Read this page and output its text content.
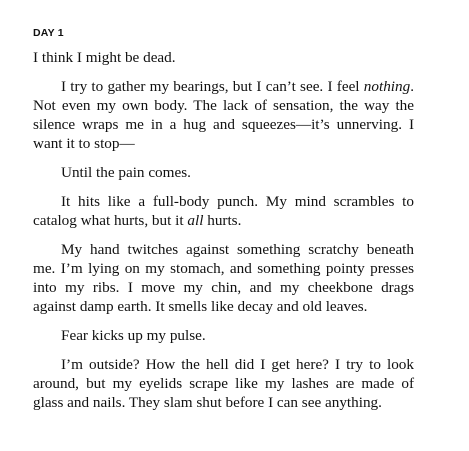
DAY 1

I think I might be dead.

I try to gather my bearings, but I can’t see. I feel nothing. Not even my own body. The lack of sensation, the way the silence wraps me in a hug and squeezes—it’s unnerving. I want it to stop—

Until the pain comes.

It hits like a full-body punch. My mind scrambles to catalog what hurts, but it all hurts.

My hand twitches against something scratchy beneath me. I’m lying on my stomach, and something pointy presses into my ribs. I move my chin, and my cheekbone drags against damp earth. It smells like decay and old leaves.

Fear kicks up my pulse.

I’m outside? How the hell did I get here? I try to look around, but my eyelids scrape like my lashes are made of glass and nails. They slam shut before I can see anything.
